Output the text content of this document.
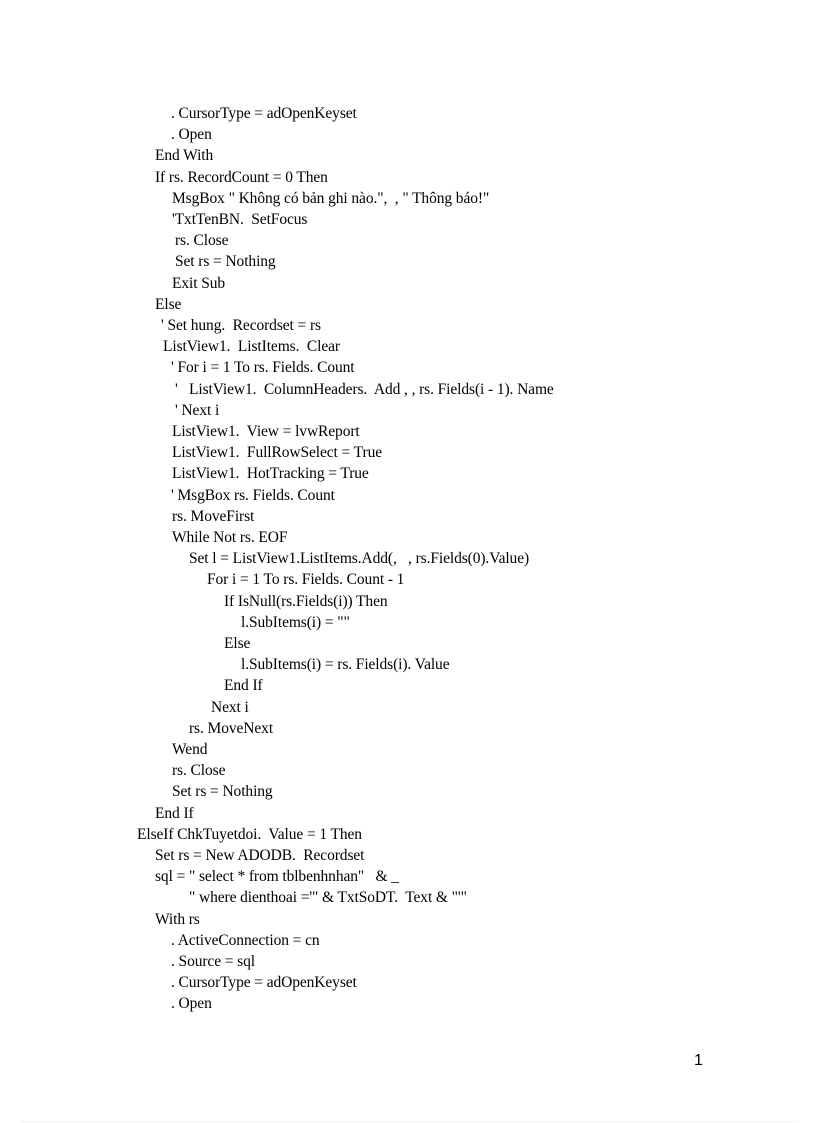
. CursorType = adOpenKeyset
. Open
End With
If rs. RecordCount = 0 Then
MsgBox " Không có bản ghi nào.",  , " Thông báo!"
'TxtTenBN.  SetFocus
rs. Close
Set rs = Nothing
Exit Sub
Else
' Set hung.  Recordset = rs
ListView1.  ListItems.  Clear
' For i = 1 To rs. Fields. Count
'   ListView1.  ColumnHeaders.  Add , , rs. Fields(i - 1). Name
' Next i
ListView1.  View = lvwReport
ListView1.  FullRowSelect = True
ListView1.  HotTracking = True
' MsgBox rs. Fields. Count
rs. MoveFirst
While Not rs. EOF
Set l = ListView1.ListItems.Add(,   , rs.Fields(0).Value)
For i = 1 To rs. Fields. Count - 1
If IsNull(rs.Fields(i)) Then
l.SubItems(i) = ""
Else
l.SubItems(i) = rs. Fields(i). Value
End If
Next i
rs. MoveNext
Wend
rs. Close
Set rs = Nothing
End If
ElseIf ChkTuyetdoi.  Value = 1 Then
Set rs = New ADODB.  Recordset
sql = " select * from tblbenhnhan"   & _
" where dienthoai ='" & TxtSoDT.  Text & "'"
With rs
. ActiveConnection = cn
. Source = sql
. CursorType = adOpenKeyset
. Open
1
